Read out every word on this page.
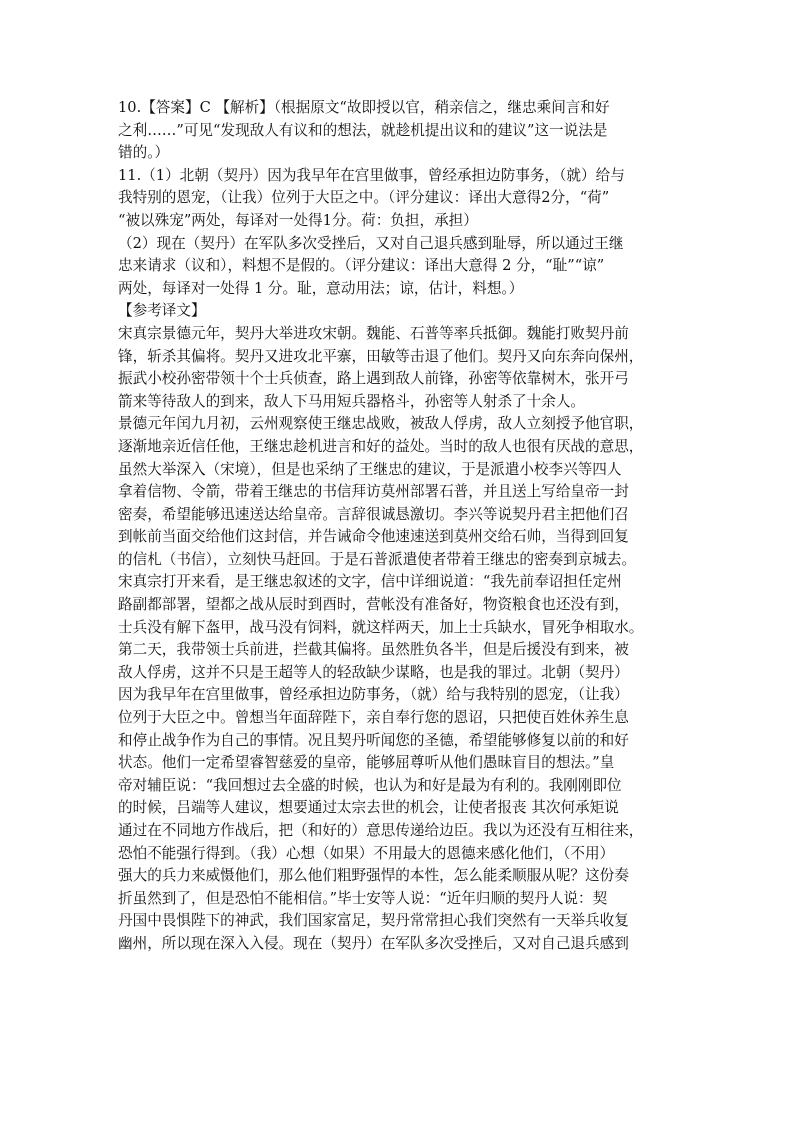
10.【答案】C 【解析】（根据原文“故即授以官，稍亲信之，继忠乘间言和好
之利……”可见“发现敌人有议和的想法，就趁机提出议和的建议”这一说法是
错的。）
11.（1）北朝（契丹）因为我早年在宫里做事，曾经承担边防事务，（就）给与
我特别的恩宠，（让我）位列于大臣之中。（评分建议：译出大意得2分，“荷”
“被以殊宠”两处，每译对一处得1分。荷：负担，承担）
（2）现在（契丹）在军队多次受挫后，又对自己退兵感到耻辱，所以通过王继
忠来请求（议和），料想不是假的。（评分建议：译出大意得 2 分，“耻”“谅”
两处，每译对一处得 1 分。耻，意动用法；谅，估计，料想。）
【参考译文】
宋真宗景德元年，契丹大举进攻宋朝。魏能、石普等率兵抵御。魏能打败契丹前
锋，斩杀其偏将。契丹又进攻北平寨，田敏等击退了他们。契丹又向东奔向保州，
振武小校孙密带领十个士兵侦查，路上遇到敌人前锋，孙密等依靠树木，张开弓
箭来等待敌人的到来，敌人下马用短兵器格斗，孙密等人射杀了十余人。
景德元年闰九月初，云州观察使王继忠战败，被敌人俘虏，敌人立刻授予他官职，
逐渐地亲近信任他，王继忠趁机进言和好的益处。当时的敌人也很有厌战的意思，
虽然大举深入（宋境），但是也采纳了王继忠的建议，于是派遣小校李兴等四人
拿着信物、令箭，带着王继忠的书信拜访莫州部署石普，并且送上写给皇帝一封
密奏，希望能够迅速送达给皇帝。言辞很诚恳激切。李兴等说契丹君主把他们召
到帐前当面交给他们这封信，并告诫命令他速速送到莫州交给石帅，当得到回复
的信札（书信），立刻快马赶回。于是石普派遣使者带着王继忠的密奏到京城去。
宋真宗打开来看，是王继忠叙述的文字，信中详细说道：“我先前奉诏担任定州
路副都部署，望都之战从辰时到酉时，营帐没有准备好，物资粮食也还没有到，
士兵没有解下盔甲，战马没有饲料，就这样两天，加上士兵缺水，冒死争相取水。
第二天，我带领士兵前进，拦截其偏将。虽然胜负各半，但是后援没有到来，被
敌人俘虏，这并不只是王超等人的轻敌缺少谋略，也是我的罪过。北朝（契丹）
因为我早年在宫里做事，曾经承担边防事务，（就）给与我特别的恩宠，（让我）
位列于大臣之中。曾想当年面辞陛下，亲自奉行您的恩诏，只把使百姓休养生息
和停止战争作为自己的事情。况且契丹听闻您的圣德，希望能够修复以前的和好
状态。他们一定希望睿智慈爱的皇帝，能够屈尊听从他们愚昧盲目的想法。”皇
帝对辅臣说：“我回想过去全盛的时候，也认为和好是最为有利的。我刚刚即位
的时候，吕端等人建议，想要通过太宗去世的机会，让使者报丧 其次何承矩说
通过在不同地方作战后，把（和好的）意思传递给边臣。我以为还没有互相往来，
恐怕不能强行得到。（我）心想（如果）不用最大的恩德来感化他们，（不用）
强大的兵力来威慑他们，那么他们粗野强悍的本性，怎么能柔顺服从呢？这份奏
折虽然到了，但是恐怕不能相信。”毕士安等人说：“近年归顺的契丹人说：契
丹国中畏惧陛下的神武，我们国家富足，契丹常常担心我们突然有一天举兵收复
幽州，所以现在深入入侵。现在（契丹）在军队多次受挫后，又对自己退兵感到
